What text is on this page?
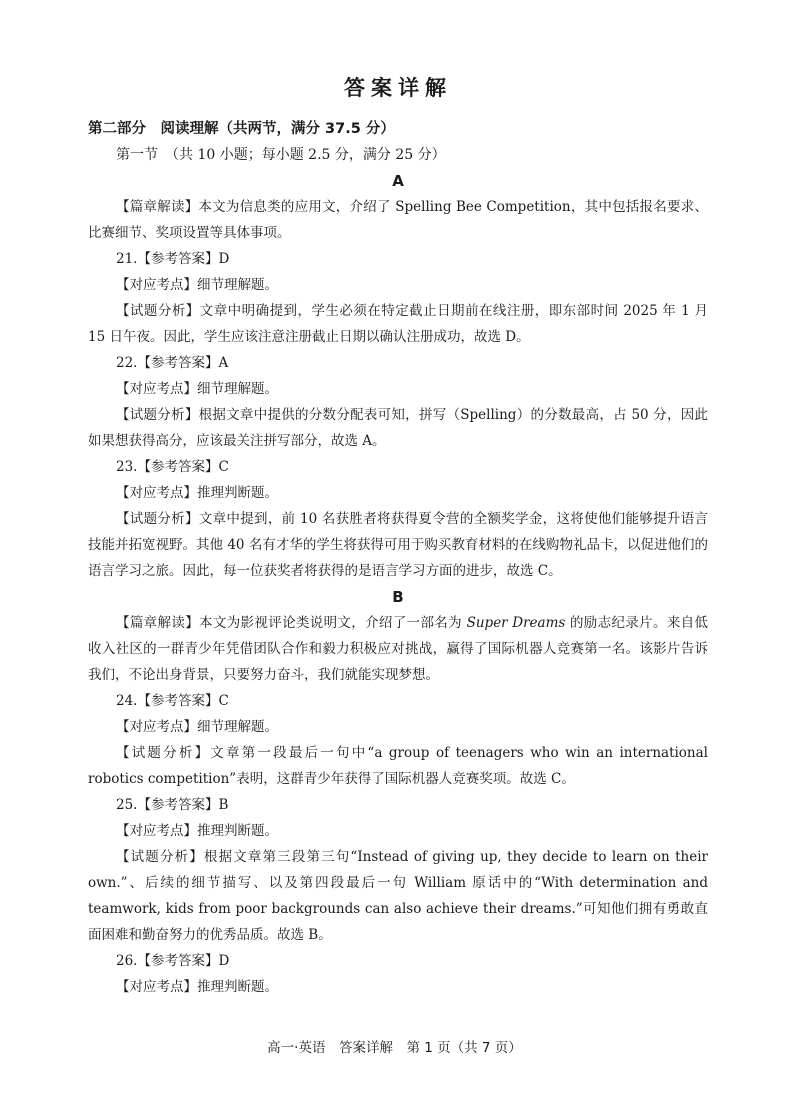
答案详解

第二部分　阅读理解（共两节，满分 37.5 分）

第一节　（共 10 小题；每小题 2.5 分，满分 25 分）

A

【篇章解读】本文为信息类的应用文，介绍了 Spelling Bee Competition，其中包括报名要求、比赛细节、奖项设置等具体事项。

21.【参考答案】D

【对应考点】细节理解题。

【试题分析】文章中明确提到，学生必须在特定截止日期前在线注册，即东部时间 2025 年 1 月 15 日午夜。因此，学生应该注意注册截止日期以确认注册成功，故选 D。

22.【参考答案】A

【对应考点】细节理解题。

【试题分析】根据文章中提供的分数分配表可知，拼写（Spelling）的分数最高，占 50 分，因此如果想获得高分，应该最关注拼写部分，故选 A。

23.【参考答案】C

【对应考点】推理判断题。

【试题分析】文章中提到，前 10 名获胜者将获得夏令营的全额奖学金，这将使他们能够提升语言技能并拓宽视野。其他 40 名有才华的学生将获得可用于购买教育材料的在线购物礼品卡，以促进他们的语言学习之旅。因此，每一位获奖者将获得的是语言学习方面的进步，故选 C。

B

【篇章解读】本文为影视评论类说明文，介绍了一部名为 Super Dreams 的励志纪录片。来自低收入社区的一群青少年凭借团队合作和毅力积极应对挑战，赢得了国际机器人竞赛第一名。该影片告诉我们，不论出身背景，只要努力奋斗，我们就能实现梦想。

24.【参考答案】C

【对应考点】细节理解题。

【试题分析】文章第一段最后一句中“a group of teenagers who win an international robotics competition”表明，这群青少年获得了国际机器人竞赛奖项。故选 C。

25.【参考答案】B

【对应考点】推理判断题。

【试题分析】根据文章第三段第三句“Instead of giving up, they decide to learn on their own.”、后续的细节描写、以及第四段最后一句 William 原话中的“With determination and teamwork, kids from poor backgrounds can also achieve their dreams.”可知他们拥有勇敢直面困难和勤奋努力的优秀品质。故选 B。

26.【参考答案】D

【对应考点】推理判断题。

高一·英语　答案详解　第 1 页（共 7 页）
